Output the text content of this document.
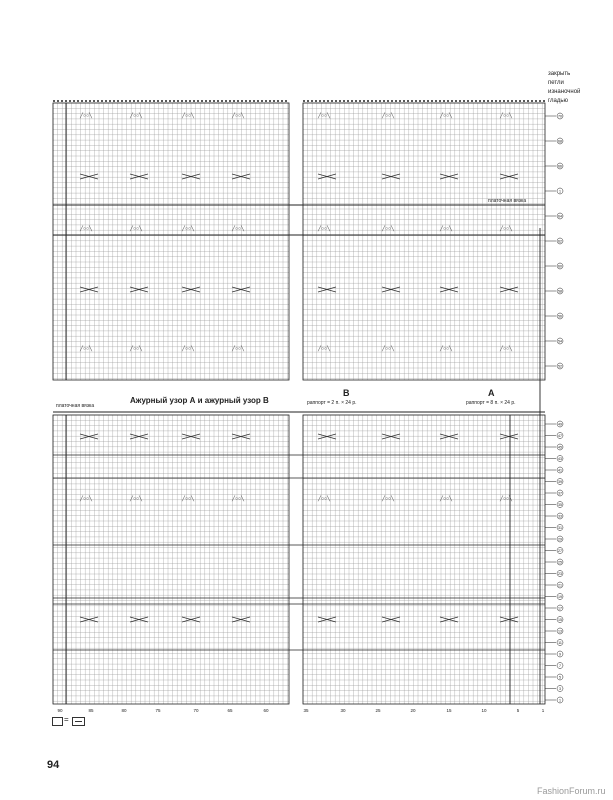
╱○○╲	╱○○╲	╱○○╲	╱○○╲	╱○○╲	╱○○╲	╱○○╲	╱○○╲
╱○○╲	╱○○╲	╱○○╲	╱○○╲	╱○○╲	╱○○╲	╱○○╲	╱○○╲
╱○○╲	╱○○╲	╱○○╲	╱○○╲	╱○○╲	╱○○╲	╱○○╲	╱○○╲
╱○○╲	╱○○╲	╱○○╲	╱○○╲	╱○○╲	╱○○╲	╱○○╲	╱○○╲
90	85	80	75	70	65	60	35	30	25	20	15	10	5	1
70
68
66
1
64
62
60
58
56
54
52
49
47
45
43
41
39
37
35
33
31
29
27
25
23
21
19
17
15
13
11
9
7
5
3
1
закрыть
петли
изнаночной
гладью
платочная вязка
Ажурный узор А и ажурный узор В
платочная вязка
B
раппорт = 2 п. × 24 р.
A
раппорт = 8 п. × 24 р.
=
94
FashionForum.ru
